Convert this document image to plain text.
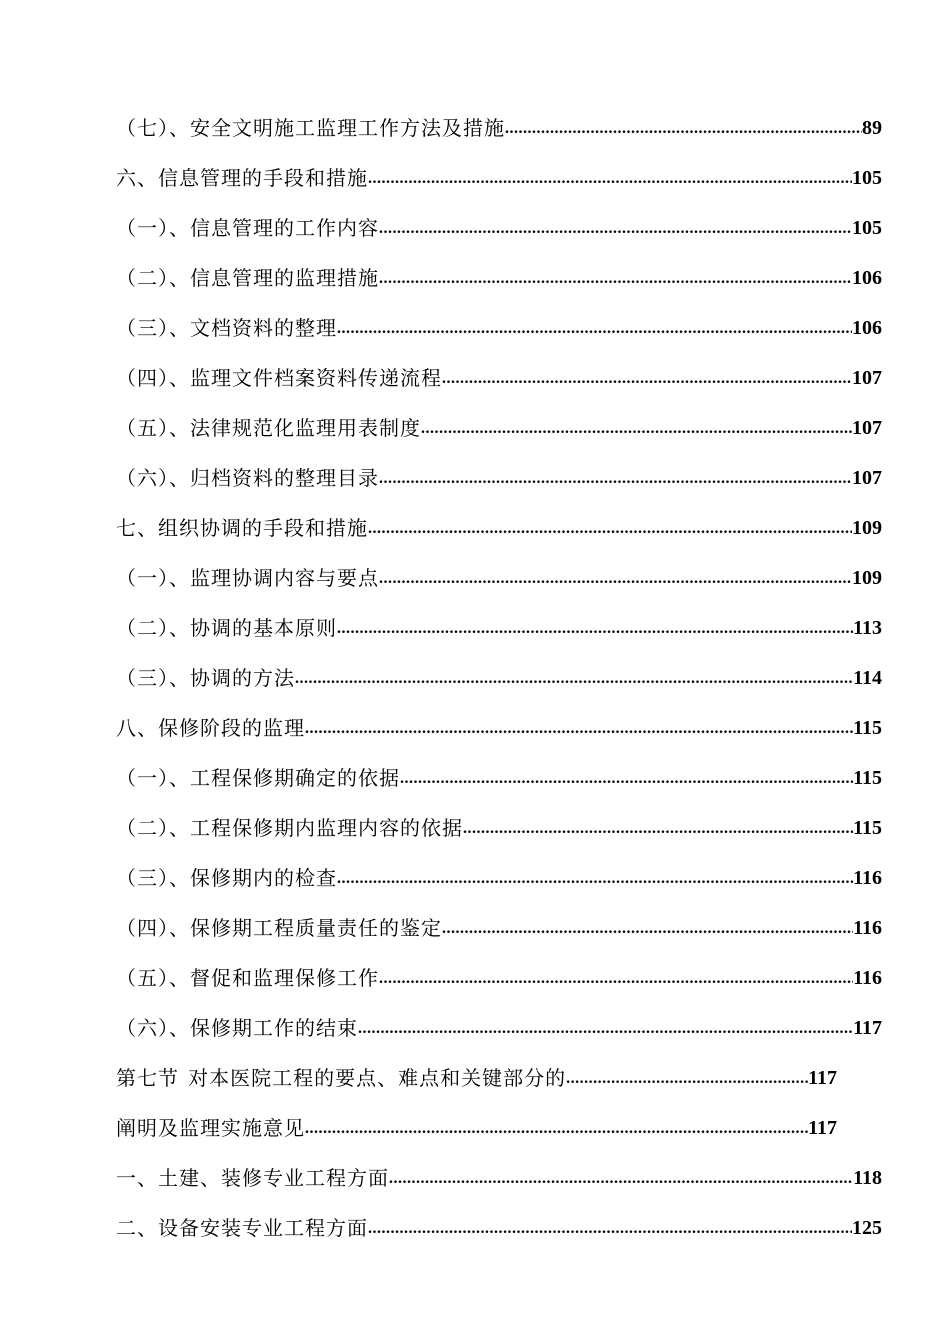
（七）、安全文明施工监理工作方法及措施 .....	89
六、信息管理的手段和措施 .....	105
（一）、信息管理的工作内容 .....	105
（二）、信息管理的监理措施 .....	106
（三）、文档资料的整理 .....	106
（四）、监理文件档案资料传递流程 .....	107
（五）、法律规范化监理用表制度 .....	107
（六）、归档资料的整理目录 .....	107
七、组织协调的手段和措施 .....	109
（一）、监理协调内容与要点 .....	109
（二）、协调的基本原则 .....	113
（三）、协调的方法 .....	114
八、保修阶段的监理 .....	115
（一）、工程保修期确定的依据 .....	115
（二）、工程保修期内监理内容的依据 .....	115
（三）、保修期内的检查 .....	116
（四）、保修期工程质量责任的鉴定 .....	116
（五）、督促和监理保修工作 .....	116
（六）、保修期工作的结束 .....	117
第七节 对本医院工程的要点、难点和关键部分的 .....	117
阐明及监理实施意见 .....	117
一、土建、装修专业工程方面 .....	118
二、设备安装专业工程方面 .....	125
